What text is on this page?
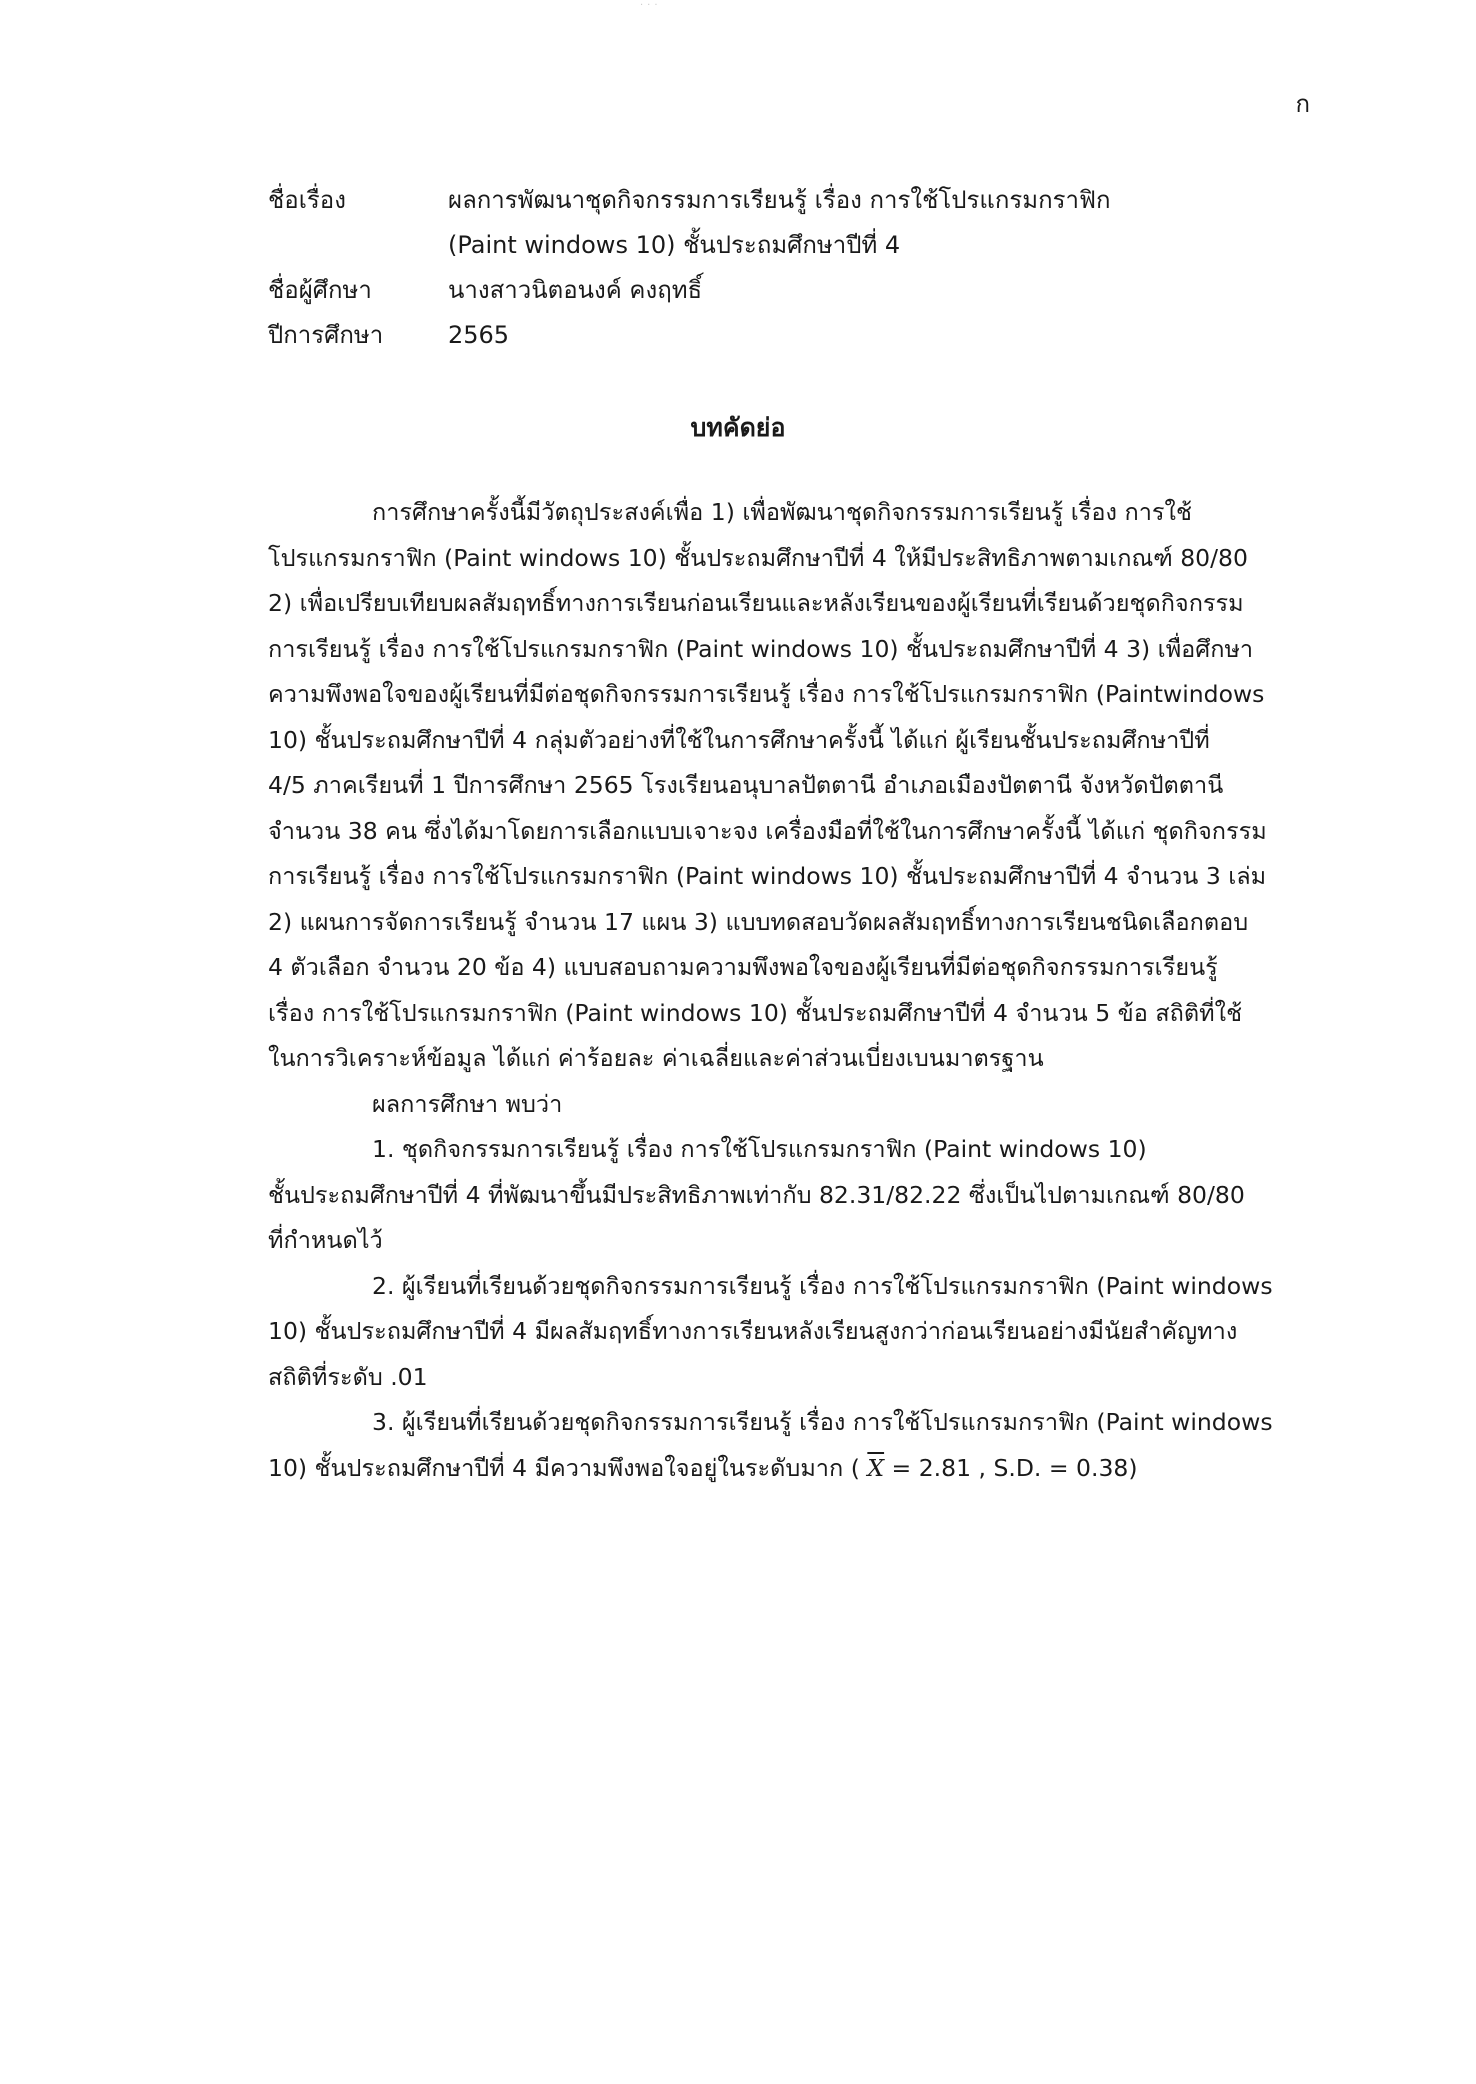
···
ก
ชื่อเรื่อง	ผลการพัฒนาชุดกิจกรรมการเรียนรู้ เรื่อง การใช้โปรแกรมกราฟิก
(Paint windows 10) ชั้นประถมศึกษาปีที่ 4
ชื่อผู้ศึกษา	นางสาวนิตอนงค์ คงฤทธิ์
ปีการศึกษา	2565
บทคัดย่อ
การศึกษาครั้งนี้มีวัตถุประสงค์เพื่อ 1) เพื่อพัฒนาชุดกิจกรรมการเรียนรู้ เรื่อง การใช้
โปรแกรมกราฟิก (Paint windows 10) ชั้นประถมศึกษาปีที่ 4 ให้มีประสิทธิภาพตามเกณฑ์ 80/80
2) เพื่อเปรียบเทียบผลสัมฤทธิ์ทางการเรียนก่อนเรียนและหลังเรียนของผู้เรียนที่เรียนด้วยชุดกิจกรรม
การเรียนรู้ เรื่อง การใช้โปรแกรมกราฟิก (Paint windows 10) ชั้นประถมศึกษาปีที่ 4 3) เพื่อศึกษา
ความพึงพอใจของผู้เรียนที่มีต่อชุดกิจกรรมการเรียนรู้ เรื่อง การใช้โปรแกรมกราฟิก (Paintwindows
10) ชั้นประถมศึกษาปีที่ 4 กลุ่มตัวอย่างที่ใช้ในการศึกษาครั้งนี้ ได้แก่ ผู้เรียนชั้นประถมศึกษาปีที่
4/5 ภาคเรียนที่ 1 ปีการศึกษา 2565 โรงเรียนอนุบาลปัตตานี อำเภอเมืองปัตตานี จังหวัดปัตตานี
จำนวน 38 คน ซึ่งได้มาโดยการเลือกแบบเจาะจง เครื่องมือที่ใช้ในการศึกษาครั้งนี้ ได้แก่ ชุดกิจกรรม
การเรียนรู้ เรื่อง การใช้โปรแกรมกราฟิก (Paint windows 10) ชั้นประถมศึกษาปีที่ 4 จำนวน 3 เล่ม
2) แผนการจัดการเรียนรู้ จำนวน 17 แผน 3) แบบทดสอบวัดผลสัมฤทธิ์ทางการเรียนชนิดเลือกตอบ
4 ตัวเลือก จำนวน 20 ข้อ 4) แบบสอบถามความพึงพอใจของผู้เรียนที่มีต่อชุดกิจกรรมการเรียนรู้
เรื่อง การใช้โปรแกรมกราฟิก (Paint windows 10) ชั้นประถมศึกษาปีที่ 4 จำนวน 5 ข้อ สถิติที่ใช้
ในการวิเคราะห์ข้อมูล ได้แก่ ค่าร้อยละ ค่าเฉลี่ยและค่าส่วนเบี่ยงเบนมาตรฐาน
ผลการศึกษา พบว่า
1. ชุดกิจกรรมการเรียนรู้ เรื่อง การใช้โปรแกรมกราฟิก (Paint windows 10)
ชั้นประถมศึกษาปีที่ 4 ที่พัฒนาขึ้นมีประสิทธิภาพเท่ากับ 82.31/82.22 ซึ่งเป็นไปตามเกณฑ์ 80/80
ที่กำหนดไว้
2. ผู้เรียนที่เรียนด้วยชุดกิจกรรมการเรียนรู้ เรื่อง การใช้โปรแกรมกราฟิก (Paint windows
10) ชั้นประถมศึกษาปีที่ 4 มีผลสัมฤทธิ์ทางการเรียนหลังเรียนสูงกว่าก่อนเรียนอย่างมีนัยสำคัญทาง
สถิติที่ระดับ .01
3. ผู้เรียนที่เรียนด้วยชุดกิจกรรมการเรียนรู้ เรื่อง การใช้โปรแกรมกราฟิก (Paint windows
10) ชั้นประถมศึกษาปีที่ 4 มีความพึงพอใจอยู่ในระดับมาก ( $\overline{X} = 2.81$ , S.D. = 0.38)
